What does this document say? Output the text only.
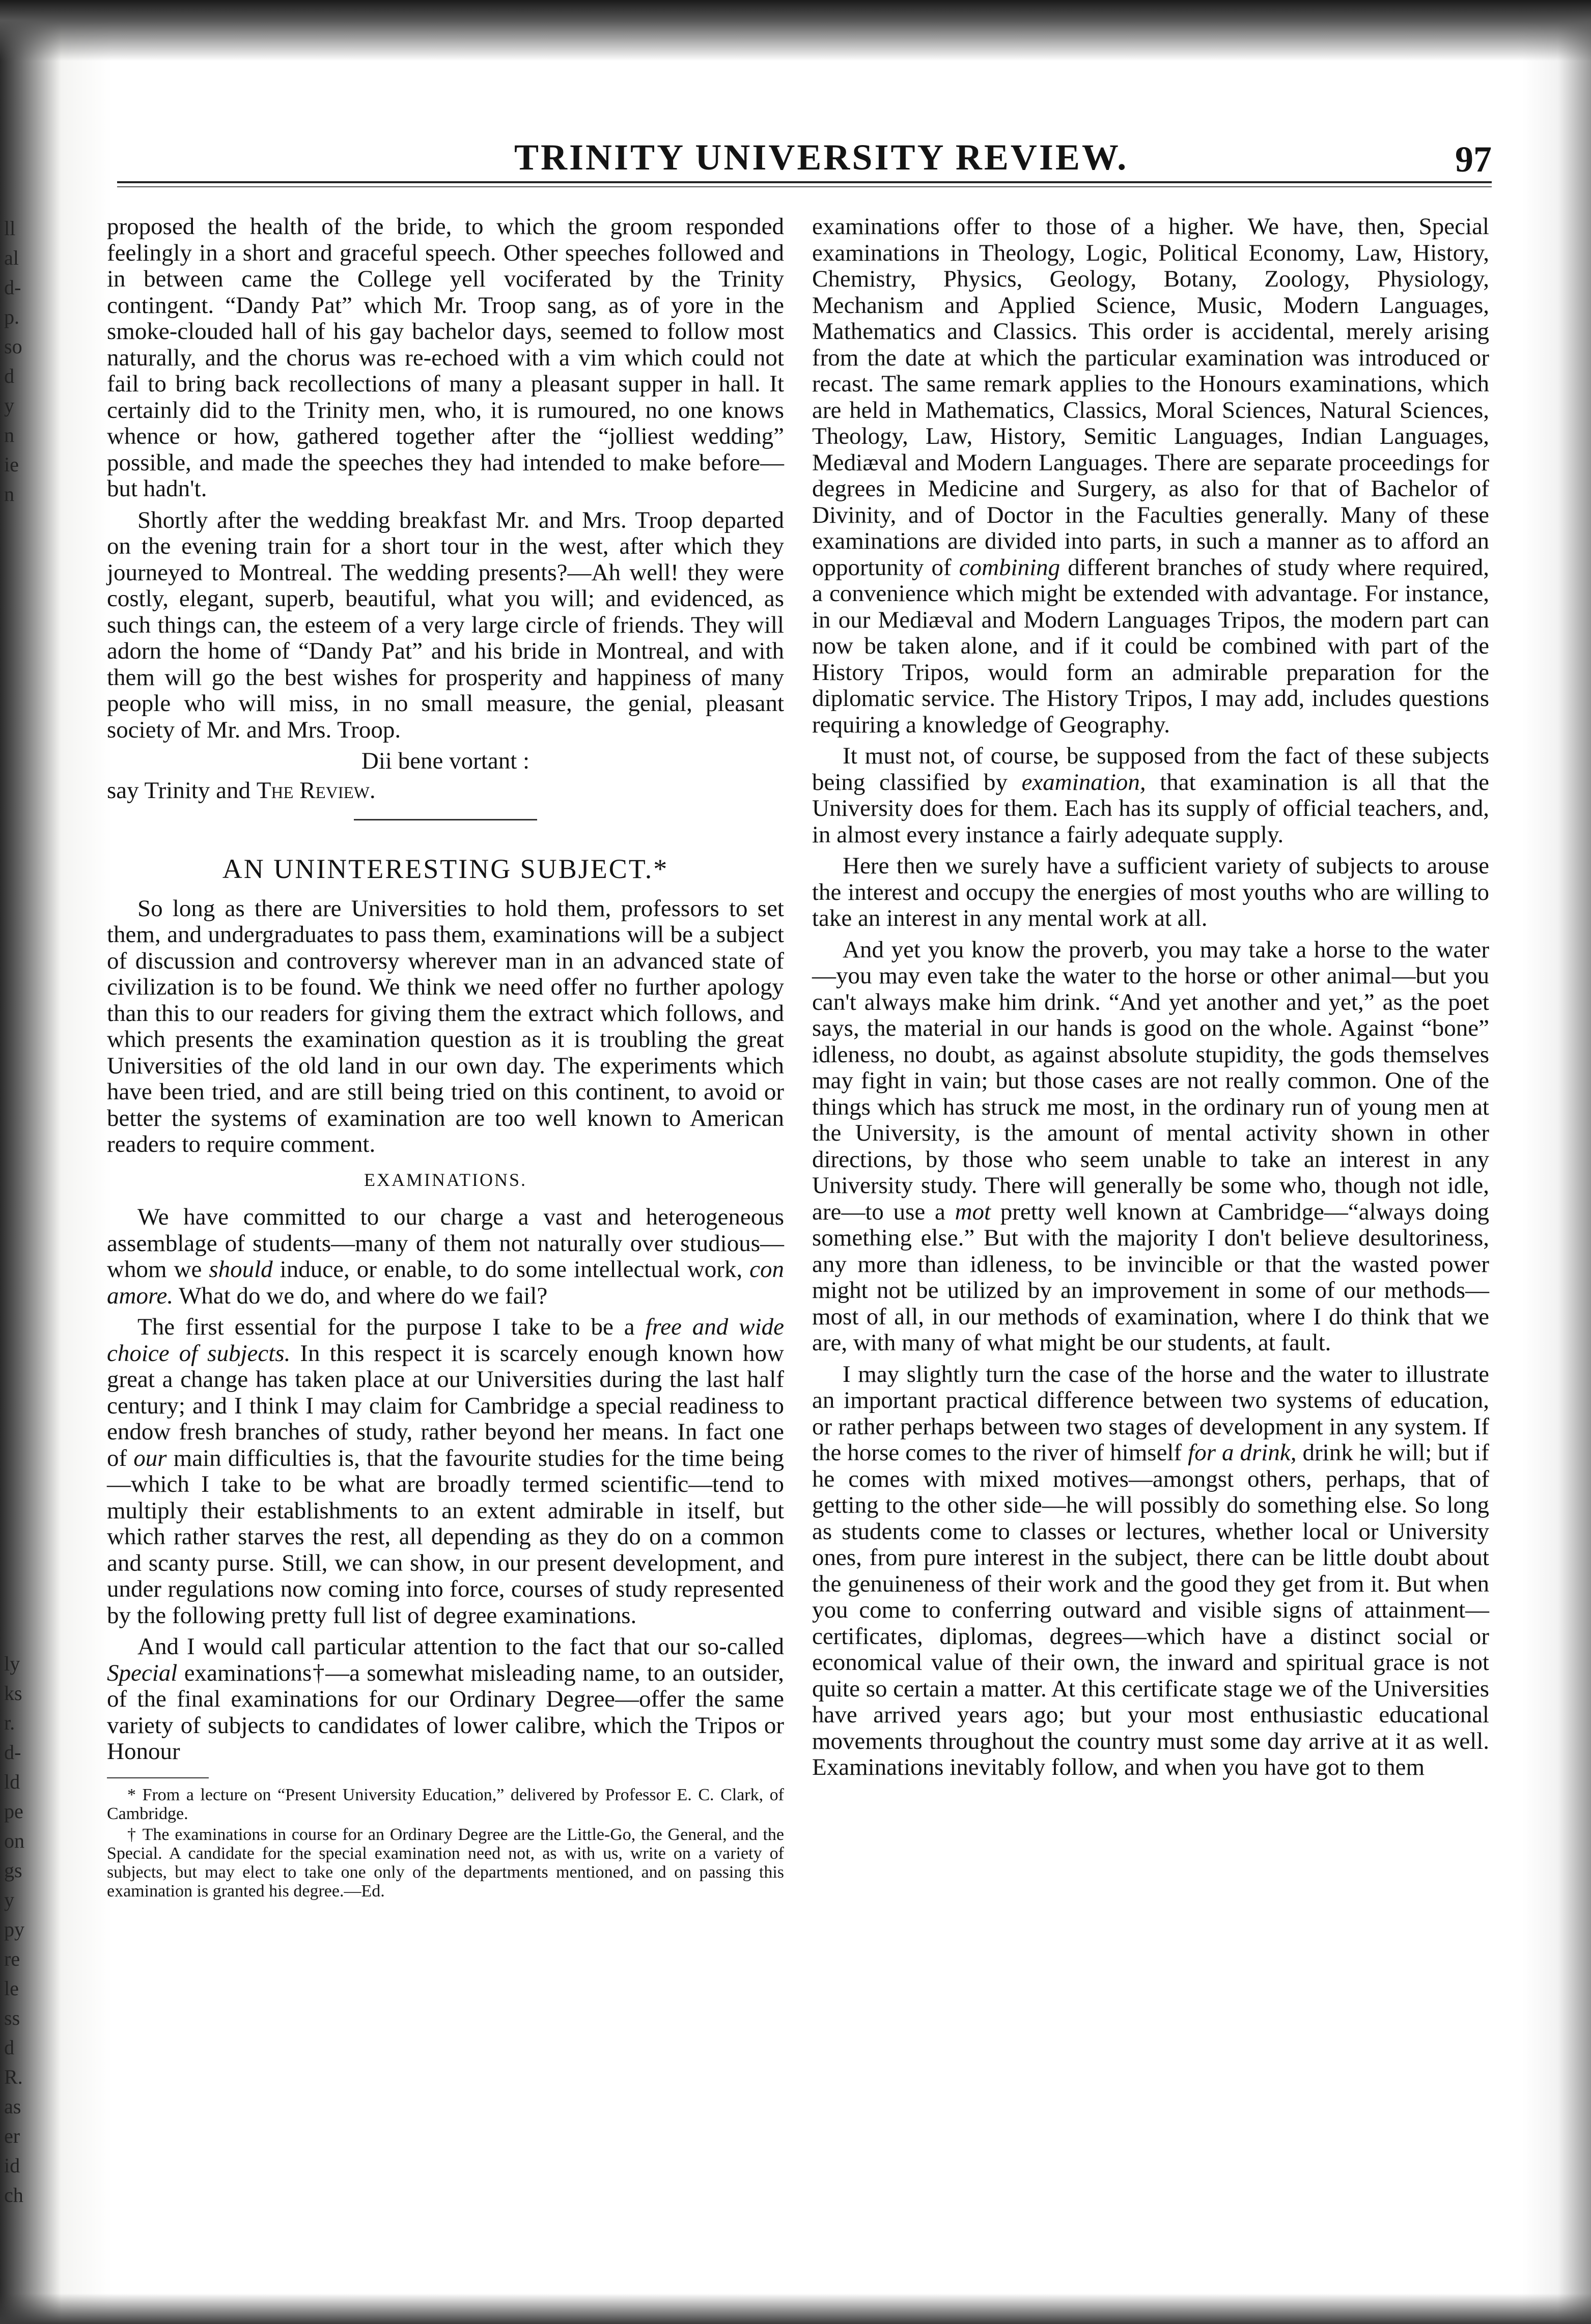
ll
al
d-
p.
so
d
y
n
ie
n
ly
ks
r.
d-
ld
pe
on
gs
y
py
re
le
ss
d
R.
as
er
id
ch
TRINITY UNIVERSITY REVIEW.	97

proposed the health of the bride, to which the groom responded feelingly in a short and graceful speech. Other speeches followed and in between came the College yell vociferated by the Trinity contingent. “Dandy Pat” which Mr. Troop sang, as of yore in the smoke-clouded hall of his gay bachelor days, seemed to follow most naturally, and the chorus was re-echoed with a vim which could not fail to bring back recollections of many a pleasant supper in hall. It certainly did to the Trinity men, who, it is rumoured, no one knows whence or how, gathered together after the “jolliest wedding” possible, and made the speeches they had intended to make before—but hadn't.

Shortly after the wedding breakfast Mr. and Mrs. Troop departed on the evening train for a short tour in the west, after which they journeyed to Montreal. The wedding presents?—Ah well! they were costly, elegant, superb, beautiful, what you will; and evidenced, as such things can, the esteem of a very large circle of friends. They will adorn the home of “Dandy Pat” and his bride in Montreal, and with them will go the best wishes for prosperity and happiness of many people who will miss, in no small measure, the genial, pleasant society of Mr. and Mrs. Troop.

Dii bene vortant :

say Trinity and The Review.

AN UNINTERESTING SUBJECT.*

So long as there are Universities to hold them, professors to set them, and undergraduates to pass them, examinations will be a subject of discussion and controversy wherever man in an advanced state of civilization is to be found. We think we need offer no further apology than this to our readers for giving them the extract which follows, and which presents the examination question as it is troubling the great Universities of the old land in our own day. The experiments which have been tried, and are still being tried on this continent, to avoid or better the systems of examination are too well known to American readers to require comment.

EXAMINATIONS.

We have committed to our charge a vast and heterogeneous assemblage of students—many of them not naturally over studious—whom we should induce, or enable, to do some intellectual work, con amore. What do we do, and where do we fail?

The first essential for the purpose I take to be a free and wide choice of subjects. In this respect it is scarcely enough known how great a change has taken place at our Universities during the last half century; and I think I may claim for Cambridge a special readiness to endow fresh branches of study, rather beyond her means. In fact one of our main difficulties is, that the favourite studies for the time being—which I take to be what are broadly termed scientific—tend to multiply their establishments to an extent admirable in itself, but which rather starves the rest, all depending as they do on a common and scanty purse. Still, we can show, in our present development, and under regulations now coming into force, courses of study represented by the following pretty full list of degree examinations.

And I would call particular attention to the fact that our so-called Special examinations†—a somewhat misleading name, to an outsider, of the final examinations for our Ordinary Degree—offer the same variety of subjects to candidates of lower calibre, which the Tripos or Honour

* From a lecture on “Present University Education,” delivered by Professor E. C. Clark, of Cambridge.

† The examinations in course for an Ordinary Degree are the Little-Go, the General, and the Special. A candidate for the special examination need not, as with us, write on a variety of subjects, but may elect to take one only of the departments mentioned, and on passing this examination is granted his degree.—Ed.

examinations offer to those of a higher. We have, then, Special examinations in Theology, Logic, Political Economy, Law, History, Chemistry, Physics, Geology, Botany, Zoology, Physiology, Mechanism and Applied Science, Music, Modern Languages, Mathematics and Classics. This order is accidental, merely arising from the date at which the particular examination was introduced or recast. The same remark applies to the Honours examinations, which are held in Mathematics, Classics, Moral Sciences, Natural Sciences, Theology, Law, History, Semitic Languages, Indian Languages, Mediæval and Modern Languages. There are separate proceedings for degrees in Medicine and Surgery, as also for that of Bachelor of Divinity, and of Doctor in the Faculties generally. Many of these examinations are divided into parts, in such a manner as to afford an opportunity of combining different branches of study where required, a convenience which might be extended with advantage. For instance, in our Mediæval and Modern Languages Tripos, the modern part can now be taken alone, and if it could be combined with part of the History Tripos, would form an admirable preparation for the diplomatic service. The History Tripos, I may add, includes questions requiring a knowledge of Geography.

It must not, of course, be supposed from the fact of these subjects being classified by examination, that examination is all that the University does for them. Each has its supply of official teachers, and, in almost every instance a fairly adequate supply.

Here then we surely have a sufficient variety of subjects to arouse the interest and occupy the energies of most youths who are willing to take an interest in any mental work at all.

And yet you know the proverb, you may take a horse to the water—you may even take the water to the horse or other animal—but you can't always make him drink. “And yet another and yet,” as the poet says, the material in our hands is good on the whole. Against “bone” idleness, no doubt, as against absolute stupidity, the gods themselves may fight in vain; but those cases are not really common. One of the things which has struck me most, in the ordinary run of young men at the University, is the amount of mental activity shown in other directions, by those who seem unable to take an interest in any University study. There will generally be some who, though not idle, are—to use a mot pretty well known at Cambridge—“always doing something else.” But with the majority I don't believe desultoriness, any more than idleness, to be invincible or that the wasted power might not be utilized by an improvement in some of our methods—most of all, in our methods of examination, where I do think that we are, with many of what might be our students, at fault.

I may slightly turn the case of the horse and the water to illustrate an important practical difference between two systems of education, or rather perhaps between two stages of development in any system. If the horse comes to the river of himself for a drink, drink he will; but if he comes with mixed motives—amongst others, perhaps, that of getting to the other side—he will possibly do something else. So long as students come to classes or lectures, whether local or University ones, from pure interest in the subject, there can be little doubt about the genuineness of their work and the good they get from it. But when you come to conferring outward and visible signs of attainment—certificates, diplomas, degrees—which have a distinct social or economical value of their own, the inward and spiritual grace is not quite so certain a matter. At this certificate stage we of the Universities have arrived years ago; but your most enthusiastic educational movements throughout the country must some day arrive at it as well. Examinations inevitably follow, and when you have got to them
